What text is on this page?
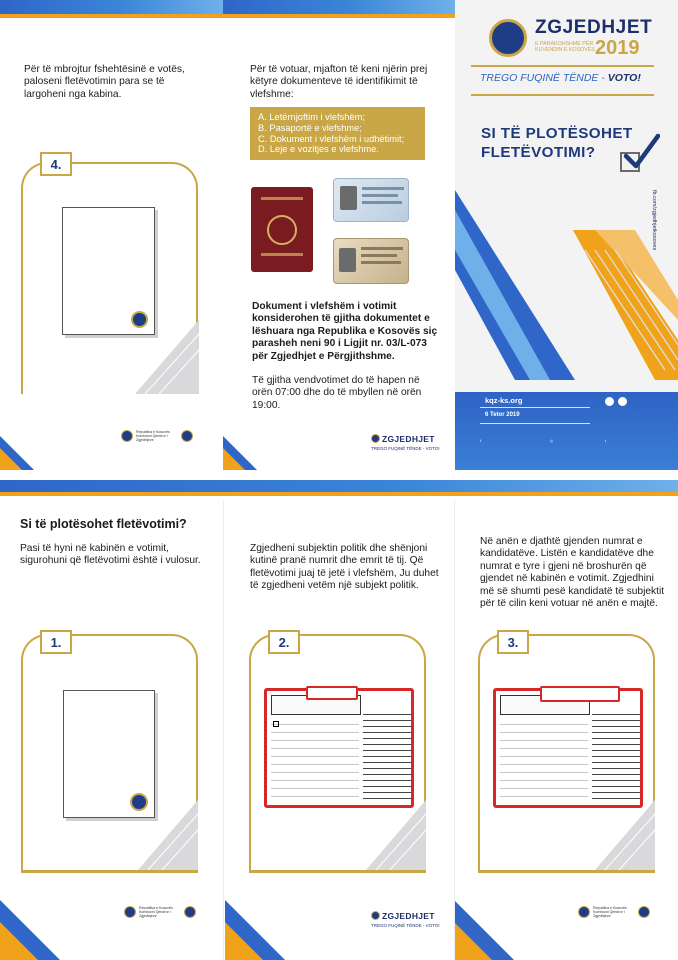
Për të mbrojtur fshehtësinë e votës, paloseni fletëvotimin para se të largoheni nga kabina.
4.
Republika e Kosovës Komisioni Qendror i Zgjedhjeve
Për të votuar, mjafton të keni njërin prej këtyre dokumenteve të identifikimit të vlefshme:
A. Letërnjoftim i vlefshëm;
B. Pasaportë e vlefshme;
C. Dokument i vlefshëm i udhëtimit;
D. Leje e vozitjes e vlefshme.
Dokument i vlefshëm i votimit konsiderohen të gjitha dokumentet e lëshuara nga Republika e Kosovës siç parasheh neni 90 i Ligjit nr. 03/L-073 për Zgjedhjet e Përgjithshme.
Të gjitha vendvotimet do të hapen në orën 07:00 dhe do të mbyllen në orën 19:00.
ZGJEDHJET
TREGO FUQINË TËNDE - VOTO!
ZGJEDHJET
E PARAKOHSHME PËR KUVENDIN E KOSOVËS 2019
TREGO FUQINË TËNDE - VOTO!
SI TË PLOTËSOHET
FLETËVOTIMI?
fb.com/zgjedhjetkosoves
kqz-ks.org
6 Tetor 2019
f	◎	t
Si të plotësohet fletëvotimi?
Pasi të hyni në kabinën e votimit, sigurohuni që fletëvotimi është i vulosur.
1.
Republika e Kosovës Komisioni Qendror i Zgjedhjeve
Zgjedheni subjektin politik dhe shënjoni kutinë pranë numrit dhe emrit të tij. Që fletëvotimi juaj të jetë i vlefshëm, Ju duhet të zgjedheni vetëm një subjekt politik.
2.
ZGJEDHJET
TREGO FUQINË TËNDE - VOTO!
Në anën e djathtë gjenden numrat e kandidatëve. Listën e kandidatëve dhe numrat e tyre i gjeni në broshurën që gjendet në kabinën e votimit. Zgjedhini më së shumti pesë kandidatë të subjektit për të cilin keni votuar në anën e majtë.
3.
Republika e Kosovës Komisioni Qendror i Zgjedhjeve
